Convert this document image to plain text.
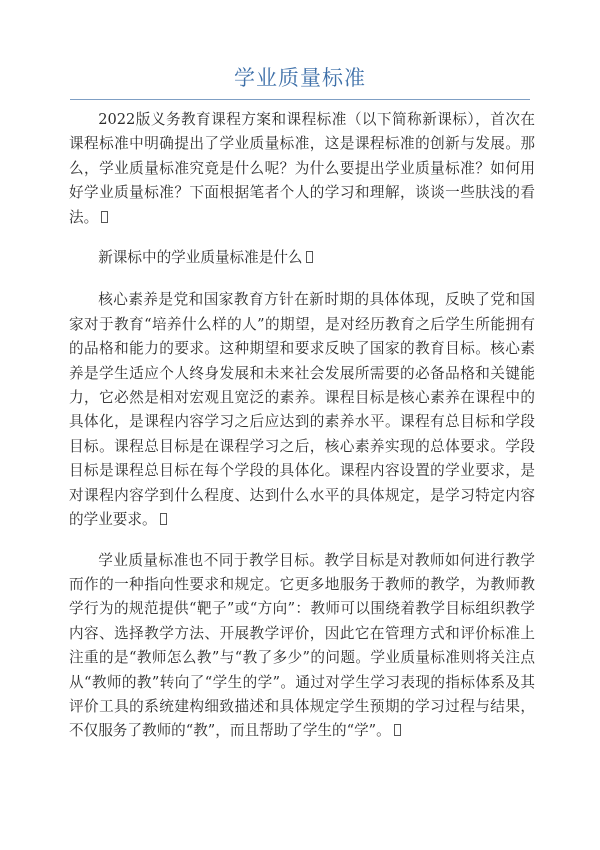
学业质量标准

2022版义务教育课程方案和课程标准（以下简称新课标），首次在课程标准中明确提出了学业质量标准，这是课程标准的创新与发展。那么，学业质量标准究竟是什么呢？为什么要提出学业质量标准？如何用好学业质量标准？下面根据笔者个人的学习和理解，谈谈一些肤浅的看法。

新课标中的学业质量标准是什么

核心素养是党和国家教育方针在新时期的具体体现，反映了党和国家对于教育“培养什么样的人”的期望，是对经历教育之后学生所能拥有的品格和能力的要求。这种期望和要求反映了国家的教育目标。核心素养是学生适应个人终身发展和未来社会发展所需要的必备品格和关键能力，它必然是相对宏观且宽泛的素养。课程目标是核心素养在课程中的具体化，是课程内容学习之后应达到的素养水平。课程有总目标和学段目标。课程总目标是在课程学习之后，核心素养实现的总体要求。学段目标是课程总目标在每个学段的具体化。课程内容设置的学业要求，是对课程内容学到什么程度、达到什么水平的具体规定，是学习特定内容的学业要求。

学业质量标准也不同于教学目标。教学目标是对教师如何进行教学而作的一种指向性要求和规定。它更多地服务于教师的教学，为教师教学行为的规范提供“靶子”或“方向”：教师可以围绕着教学目标组织教学内容、选择教学方法、开展教学评价，因此它在管理方式和评价标准上注重的是“教师怎么教”与“教了多少”的问题。学业质量标准则将关注点从“教师的教”转向了“学生的学”。通过对学生学习表现的指标体系及其评价工具的系统建构细致描述和具体规定学生预期的学习过程与结果，不仅服务了教师的“教”，而且帮助了学生的“学”。
